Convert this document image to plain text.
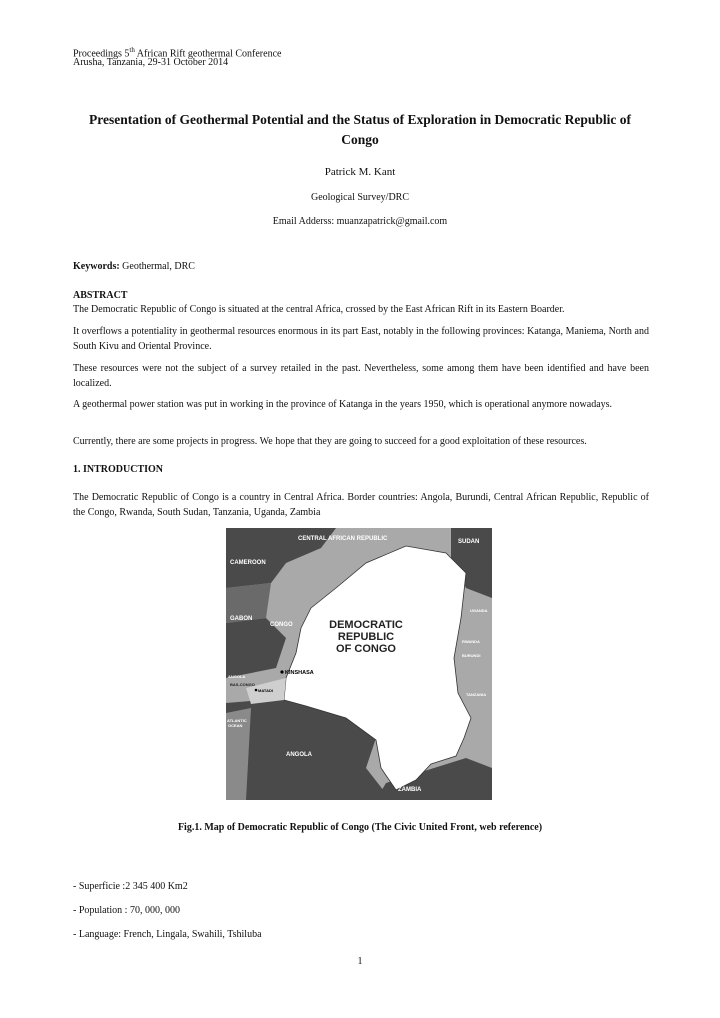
Proceedings 5th African Rift geothermal Conference
Arusha, Tanzania, 29-31 October 2014
Presentation of Geothermal Potential and the Status of Exploration in Democratic Republic of Congo
Patrick M. Kant
Geological Survey/DRC
Email Adderss: muanzapatrick@gmail.com
Keywords: Geothermal, DRC
ABSTRACT
The Democratic Republic of Congo is situated at the central Africa, crossed by the East African Rift in its Eastern Boarder.
It overflows a potentiality in geothermal resources enormous in its part East, notably in the following provinces: Katanga, Maniema, North and South Kivu and Oriental Province.
These resources were not the subject of a survey retailed in the past. Nevertheless, some among them have been identified and have been localized.
A geothermal power station was put in working in the province of Katanga in the years 1950, which is operational anymore nowadays.
Currently, there are some projects in progress. We hope that they are going to succeed for a good exploitation of these resources.
1. INTRODUCTION
The Democratic Republic of Congo is a country in Central Africa. Border countries: Angola, Burundi, Central African Republic, Republic of the Congo, Rwanda, South Sudan, Tanzania, Uganda, Zambia
CENTRAL AFRICAN REPUBLIC	SUDAN
CAMEROON
GABON
CONGO
UGANDA
RWANDA
BURUNDI
TANZANIA
ANGOLA
BAS-CONGO
KINSHASA
MATADI
ATLANTIC
OCEAN
ANGOLA
ZAMBIA
DEMOCRATIC
REPUBLIC
OF CONGO
Fig.1. Map of Democratic Republic of Congo (The Civic United Front, web reference)
- Superficie :2 345 400 Km2
- Population : 70, 000, 000
- Language: French, Lingala, Swahili, Tshiluba
1
